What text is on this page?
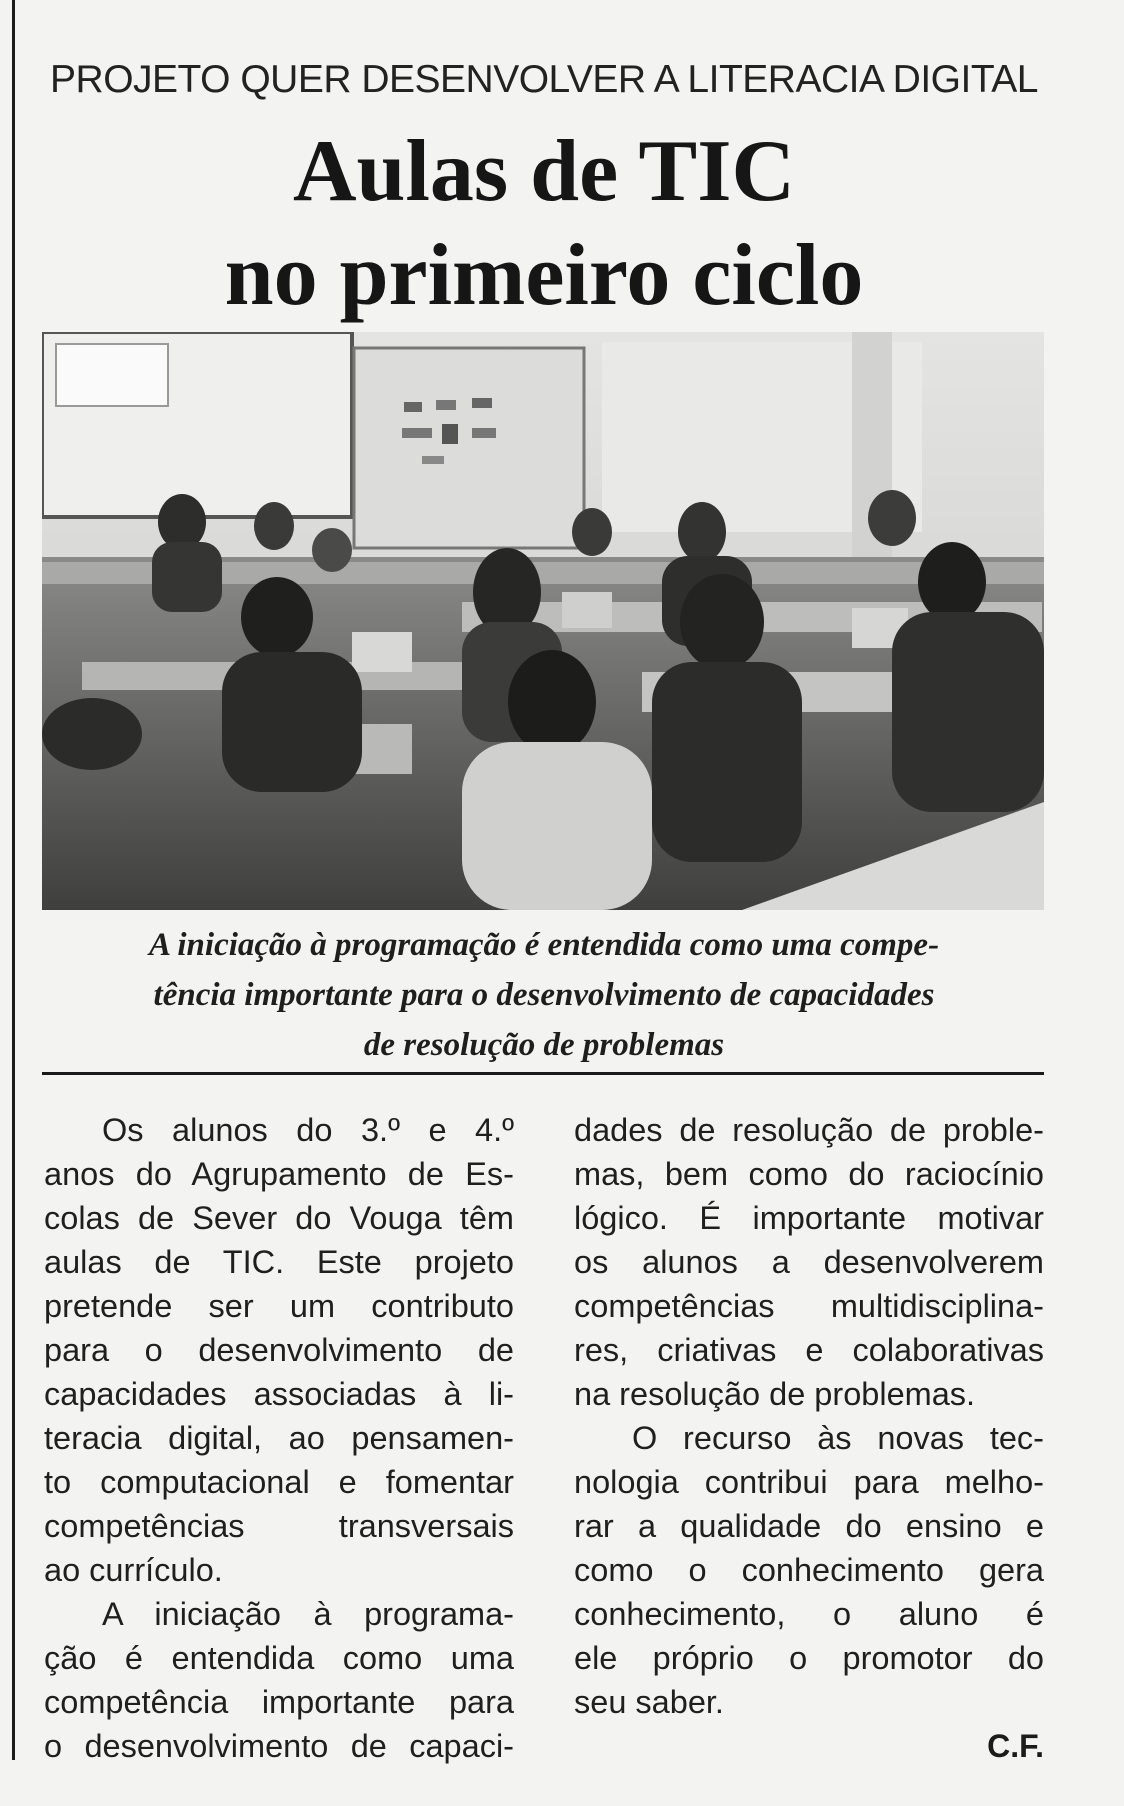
PROJETO QUER DESENVOLVER A LITERACIA DIGITAL
Aulas de TIC
no primeiro ciclo
A iniciação à programação é entendida como uma compe-
tência importante para o desenvolvimento de capacidades
de resolução de problemas
Os alunos do 3.º e 4.º
anos do Agrupamento de Es-
colas de Sever do Vouga têm
aulas de TIC. Este projeto
pretende ser um contributo
para o desenvolvimento de
capacidades associadas à li-
teracia digital, ao pensamen-
to computacional e fomentar
competências transversais
ao currículo.
A iniciação à programa-
ção é entendida como uma
competência importante para
o desenvolvimento de capaci-
dades de resolução de proble-
mas, bem como do raciocínio
lógico. É importante motivar
os alunos a desenvolverem
competências multidisciplina-
res, criativas e colaborativas
na resolução de problemas.
O recurso às novas tec-
nologia contribui para melho-
rar a qualidade do ensino e
como o conhecimento gera
conhecimento, o aluno é
ele próprio o promotor do
seu saber.
C.F.
